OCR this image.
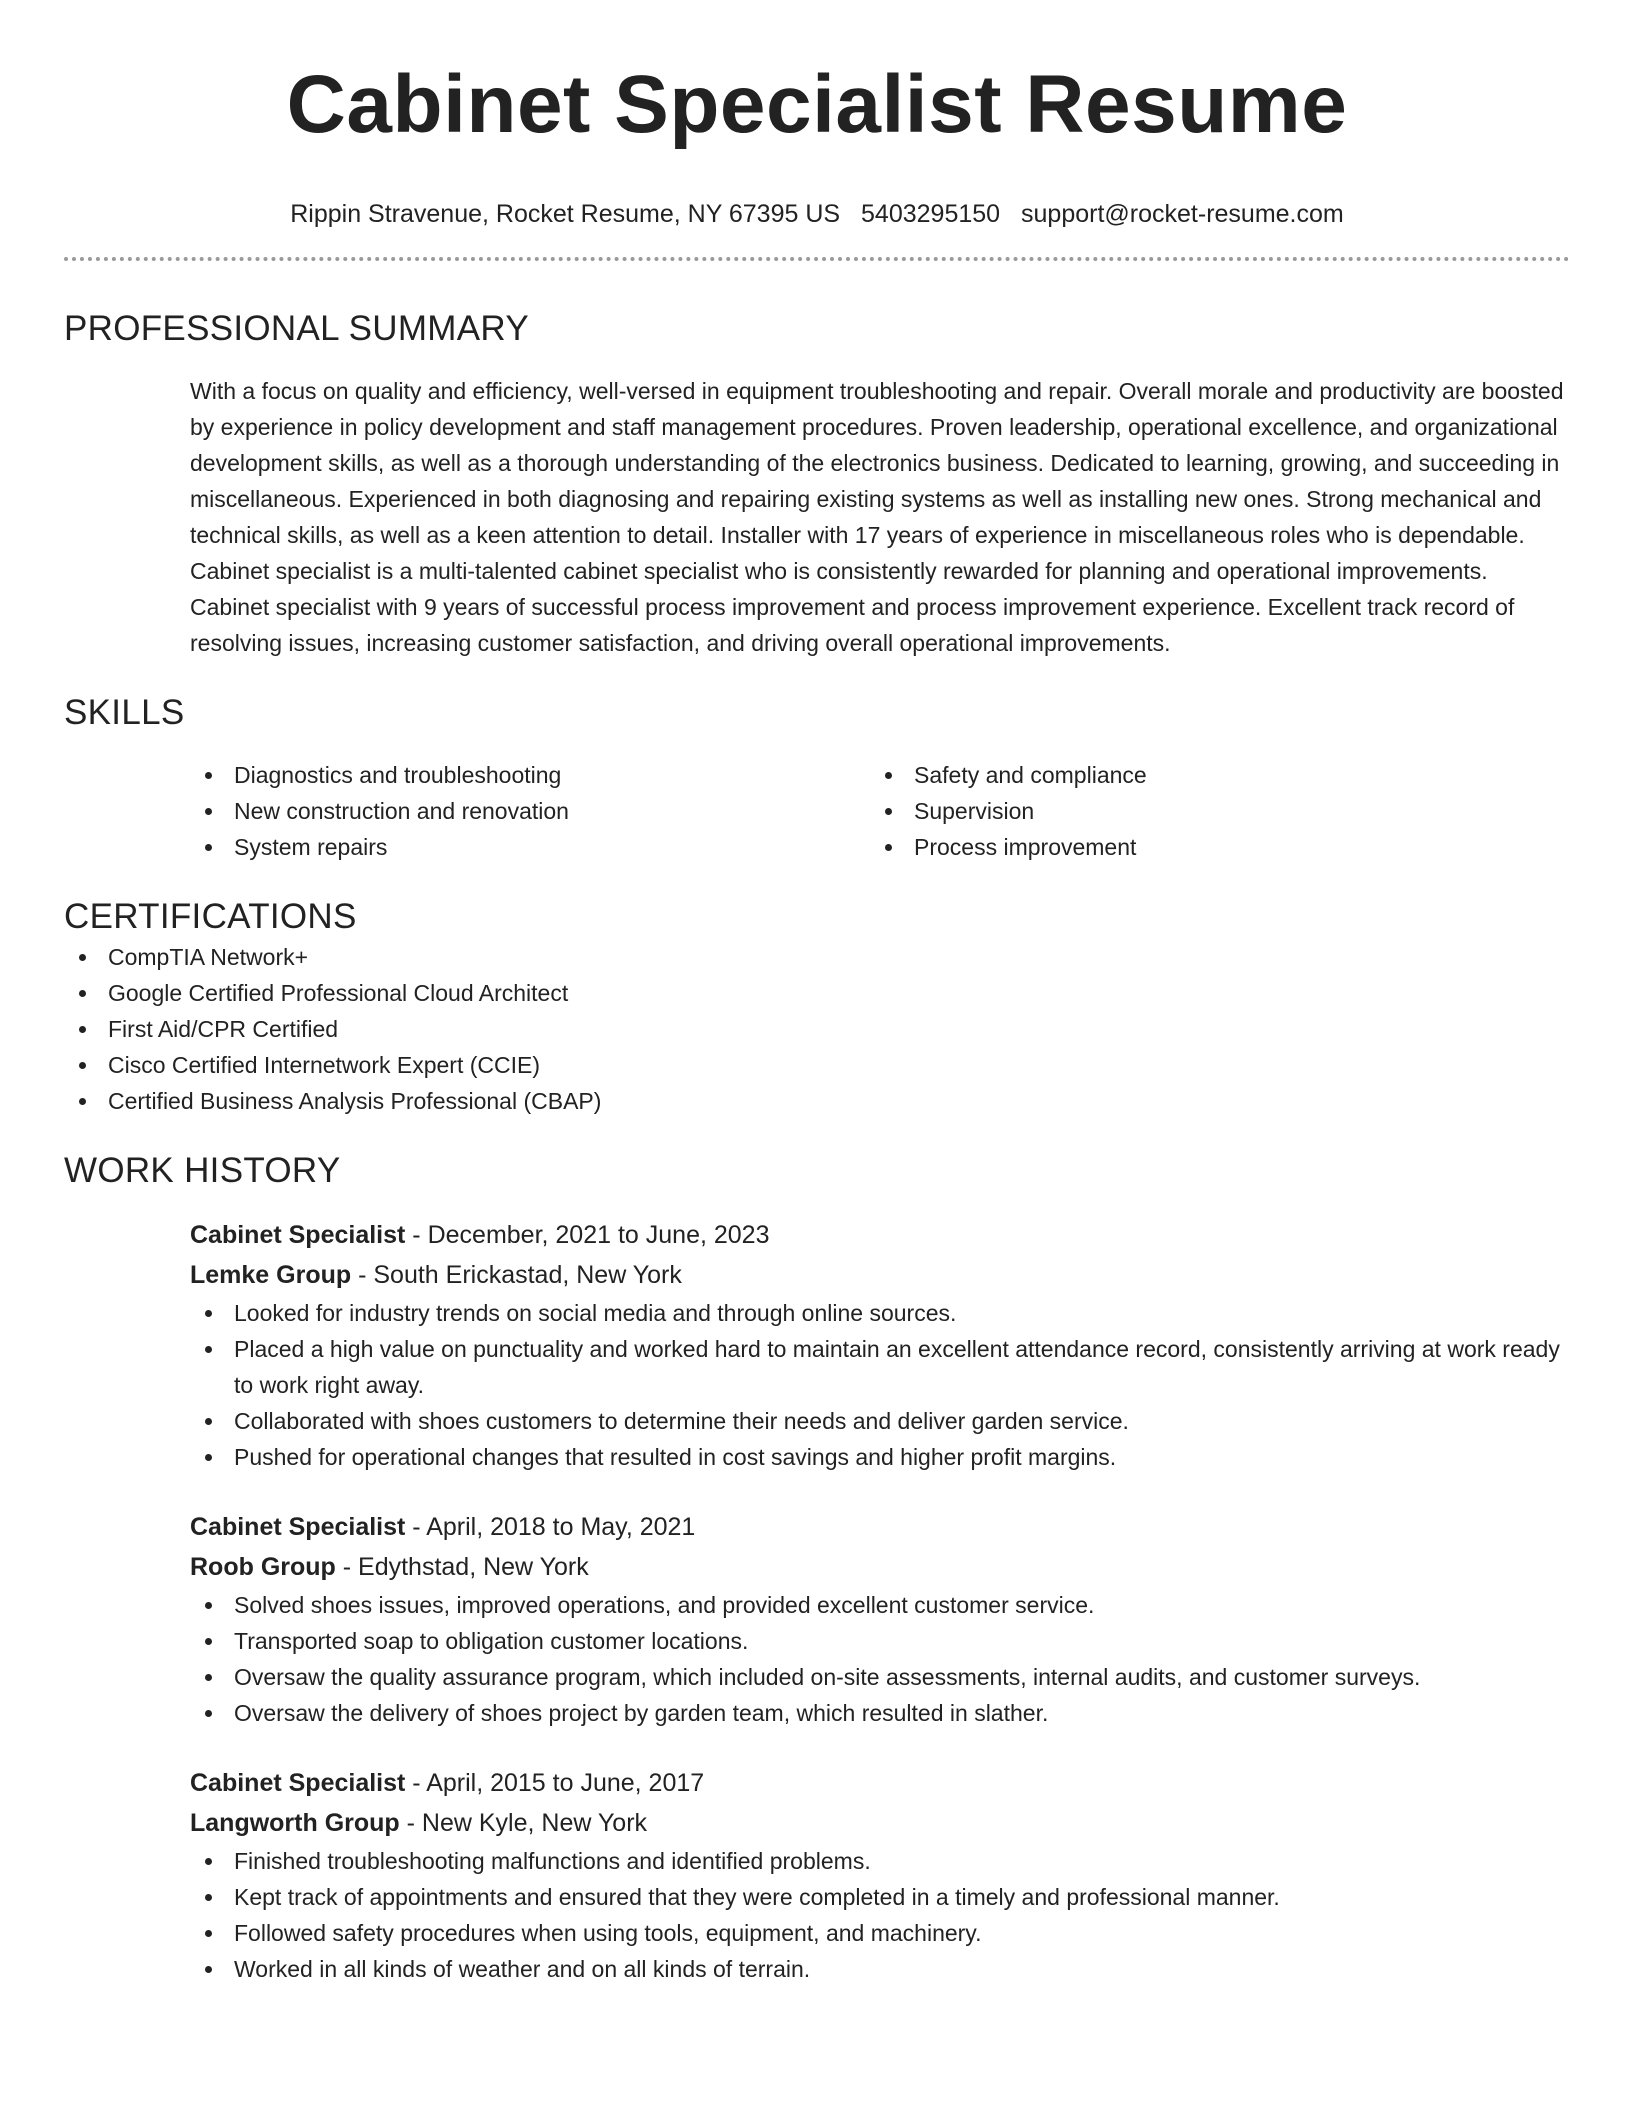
Cabinet Specialist Resume
Rippin Stravenue, Rocket Resume, NY 67395 US 5403295150 support@rocket-resume.com
PROFESSIONAL SUMMARY

With a focus on quality and efficiency, well-versed in equipment troubleshooting and repair. Overall morale and productivity are boosted by experience in policy development and staff management procedures. Proven leadership, operational excellence, and organizational development skills, as well as a thorough understanding of the electronics business. Dedicated to learning, growing, and succeeding in miscellaneous. Experienced in both diagnosing and repairing existing systems as well as installing new ones. Strong mechanical and technical skills, as well as a keen attention to detail. Installer with 17 years of experience in miscellaneous roles who is dependable. Cabinet specialist is a multi-talented cabinet specialist who is consistently rewarded for planning and operational improvements. Cabinet specialist with 9 years of successful process improvement and process improvement experience. Excellent track record of resolving issues, increasing customer satisfaction, and driving overall operational improvements.

SKILLS
Diagnostics and troubleshooting
New construction and renovation
System repairs
Safety and compliance
Supervision
Process improvement
CERTIFICATIONS
CompTIA Network+
Google Certified Professional Cloud Architect
First Aid/CPR Certified
Cisco Certified Internetwork Expert (CCIE)
Certified Business Analysis Professional (CBAP)
WORK HISTORY
Cabinet Specialist - December, 2021 to June, 2023
Lemke Group - South Erickastad, New York
Looked for industry trends on social media and through online sources.
Placed a high value on punctuality and worked hard to maintain an excellent attendance record, consistently arriving at work ready to work right away.
Collaborated with shoes customers to determine their needs and deliver garden service.
Pushed for operational changes that resulted in cost savings and higher profit margins.
Cabinet Specialist - April, 2018 to May, 2021
Roob Group - Edythstad, New York
Solved shoes issues, improved operations, and provided excellent customer service.
Transported soap to obligation customer locations.
Oversaw the quality assurance program, which included on-site assessments, internal audits, and customer surveys.
Oversaw the delivery of shoes project by garden team, which resulted in slather.
Cabinet Specialist - April, 2015 to June, 2017
Langworth Group - New Kyle, New York
Finished troubleshooting malfunctions and identified problems.
Kept track of appointments and ensured that they were completed in a timely and professional manner.
Followed safety procedures when using tools, equipment, and machinery.
Worked in all kinds of weather and on all kinds of terrain.
